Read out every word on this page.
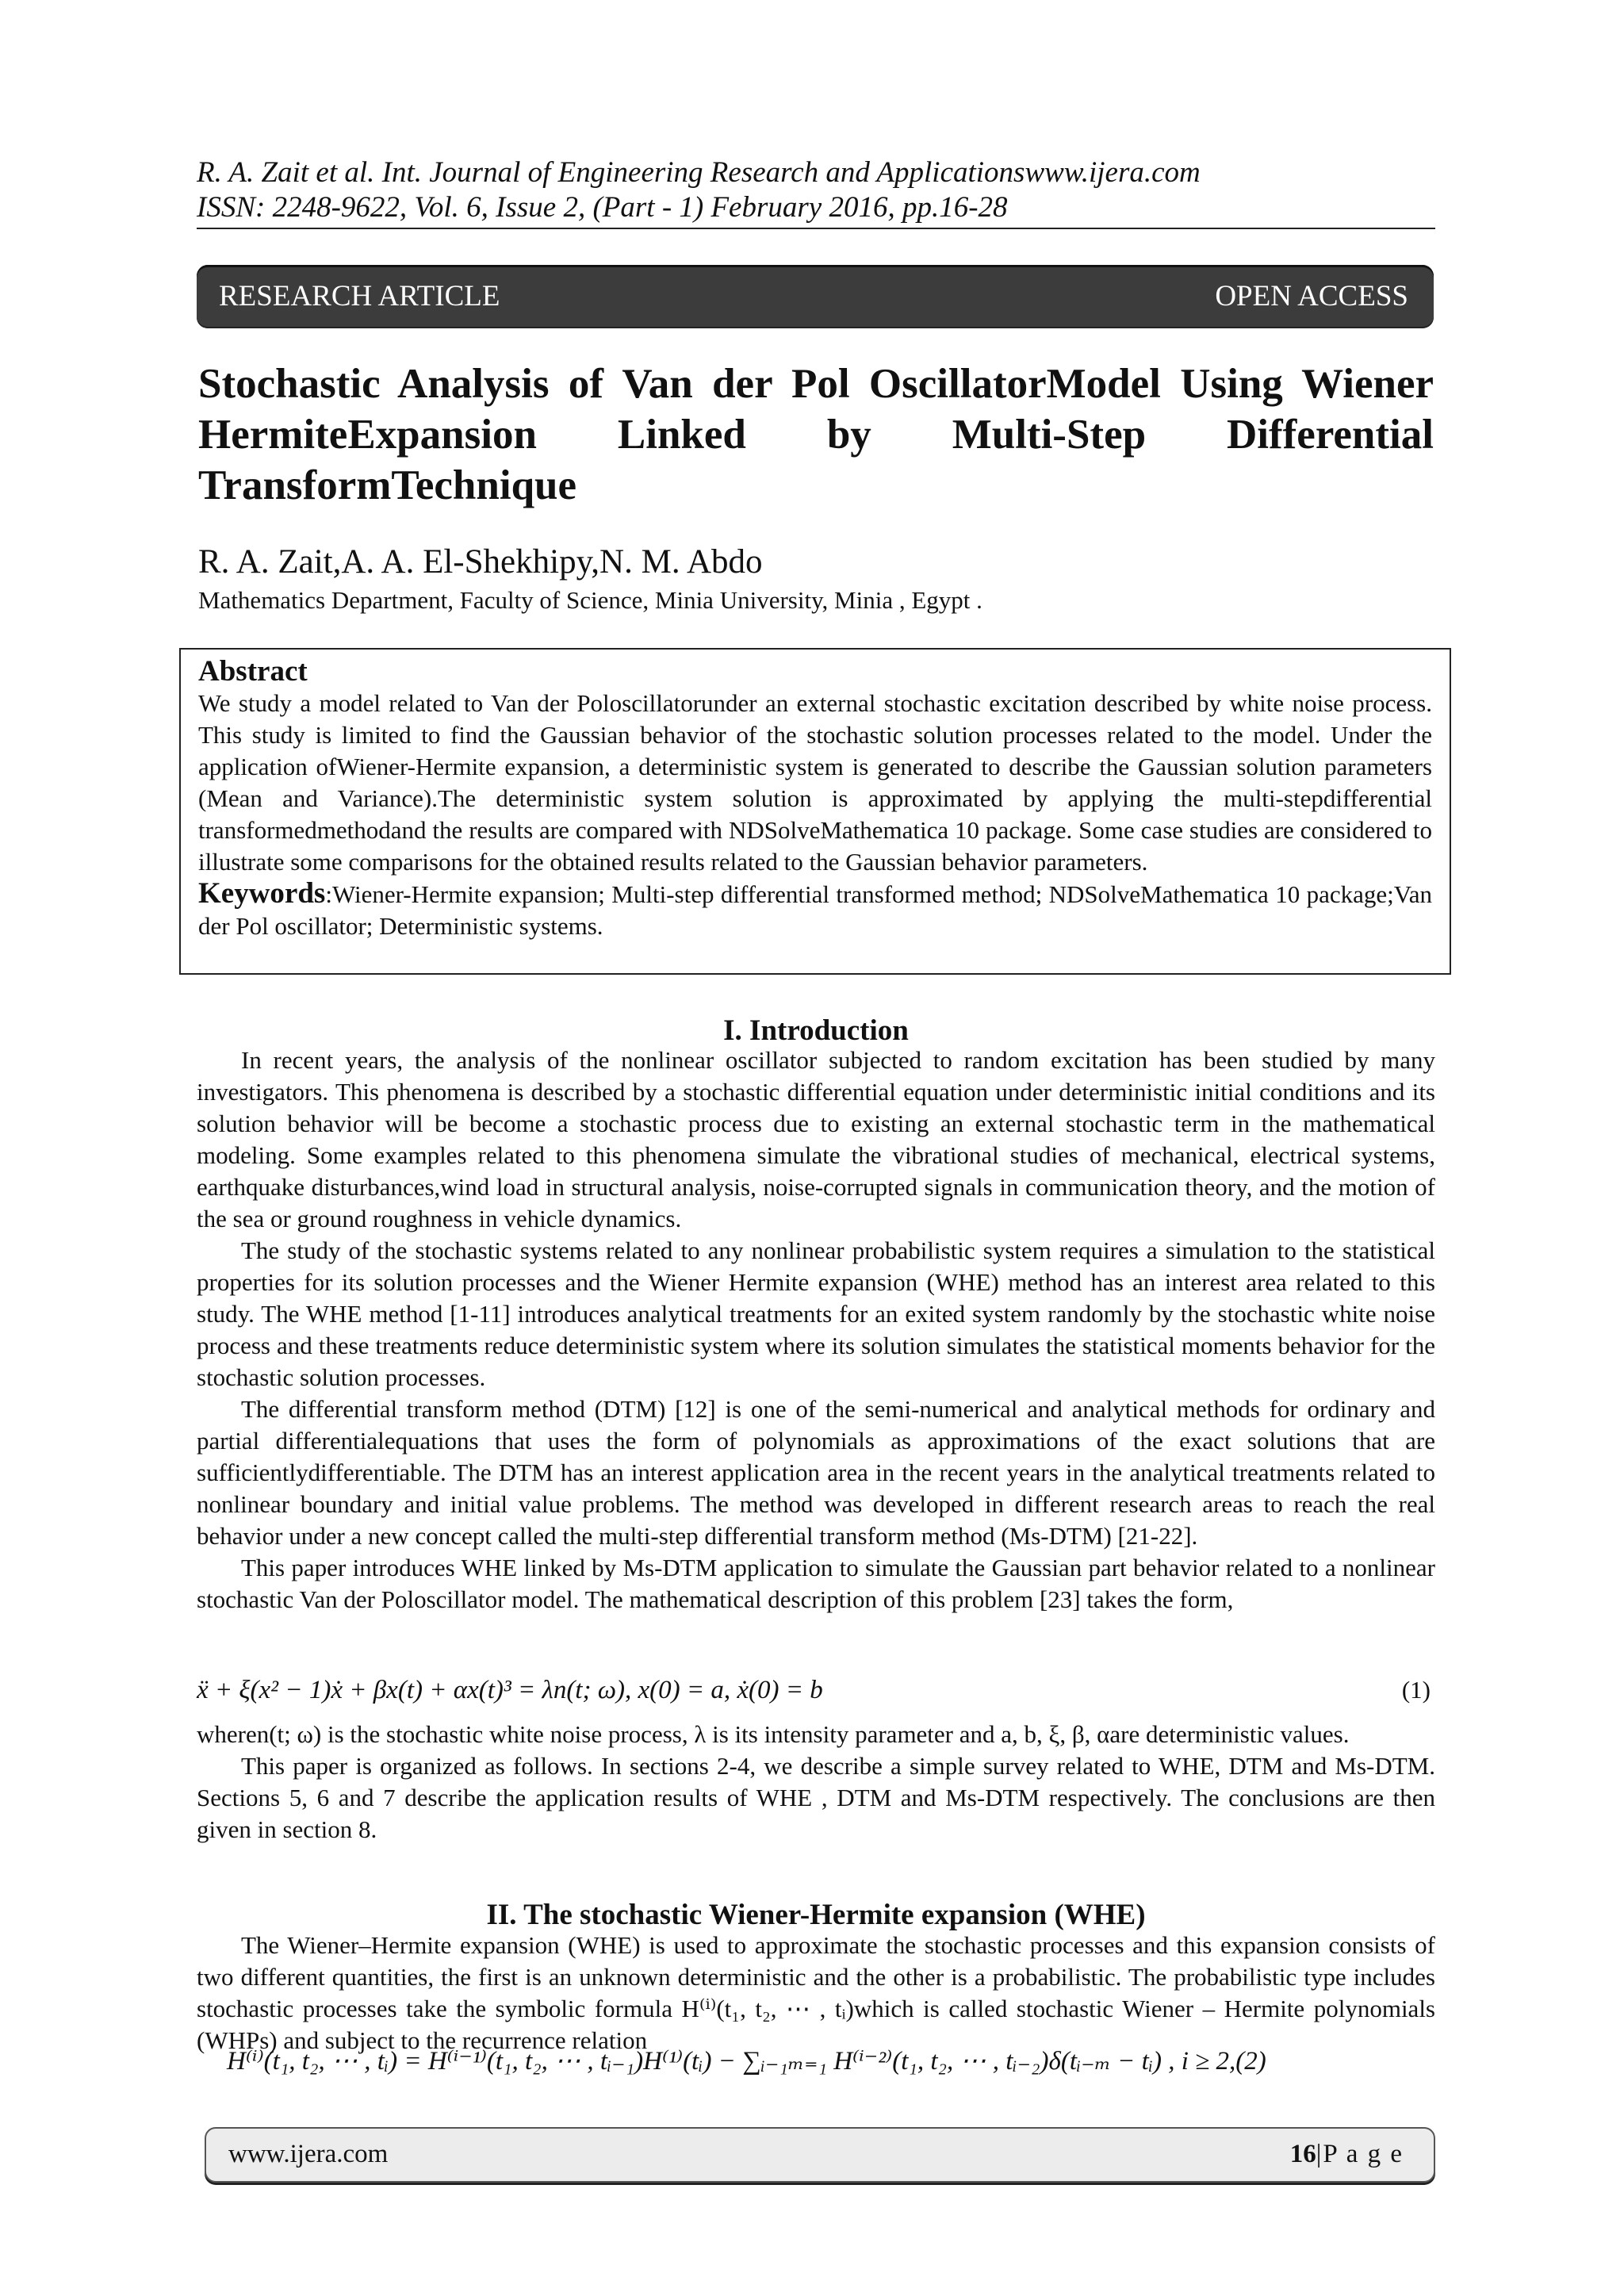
R. A. Zait et al. Int. Journal of Engineering Research and Applicationswww.ijera.com
ISSN: 2248-9622, Vol. 6, Issue 2, (Part - 1) February 2016, pp.16-28
RESEARCH ARTICLE	OPEN ACCESS
Stochastic Analysis of Van der Pol OscillatorModel Using Wiener HermiteExpansion Linked by Multi-Step Differential TransformTechnique
R. A. Zait,A. A. El-Shekhipy,N. M. Abdo
Mathematics Department, Faculty of Science, Minia University, Minia , Egypt .
Abstract
We study a model related to Van der Poloscillatorunder an external stochastic excitation described by white noise process. This study is limited to find the Gaussian behavior of the stochastic solution processes related to the model. Under the application ofWiener-Hermite expansion, a deterministic system is generated to describe the Gaussian solution parameters (Mean and Variance).The deterministic system solution is approximated by applying the multi-stepdifferential transformedmethodand the results are compared with NDSolveMathematica 10 package. Some case studies are considered to illustrate some comparisons for the obtained results related to the Gaussian behavior parameters.
Keywords:Wiener-Hermite expansion; Multi-step differential transformed method; NDSolveMathematica 10 package;Van der Pol oscillator; Deterministic systems.
I. Introduction

In recent years, the analysis of the nonlinear oscillator subjected to random excitation has been studied by many investigators. This phenomena is described by a stochastic differential equation under deterministic initial conditions and its solution behavior will be become a stochastic process due to existing an external stochastic term in the mathematical modeling. Some examples related to this phenomena simulate the vibrational studies of mechanical, electrical systems, earthquake disturbances,wind load in structural analysis, noise-corrupted signals in communication theory, and the motion of the sea or ground roughness in vehicle dynamics.

The study of the stochastic systems related to any nonlinear probabilistic system requires a simulation to the statistical properties for its solution processes and the Wiener Hermite expansion (WHE) method has an interest area related to this study. The WHE method [1-11] introduces analytical treatments for an exited system randomly by the stochastic white noise process and these treatments reduce deterministic system where its solution simulates the statistical moments behavior for the stochastic solution processes.

The differential transform method (DTM) [12] is one of the semi-numerical and analytical methods for ordinary and partial differentialequations that uses the form of polynomials as approximations of the exact solutions that are sufficientlydifferentiable. The DTM has an interest application area in the recent years in the analytical treatments related to nonlinear boundary and initial value problems. The method was developed in different research areas to reach the real behavior under a new concept called the multi-step differential transform method (Ms-DTM) [21-22].

This paper introduces WHE linked by Ms-DTM application to simulate the Gaussian part behavior related to a nonlinear stochastic Van der Poloscillator model. The mathematical description of this problem [23] takes the form,

ẍ + ξ(x² − 1)ẋ + βx(t) + αx(t)³ = λn(t; ω), x(0) = a, ẋ(0) = b	(1)
wheren(t; ω) is the stochastic white noise process, λ is its intensity parameter and a, b, ξ, β, αare deterministic values.

This paper is organized as follows. In sections 2-4, we describe a simple survey related to WHE, DTM and Ms-DTM. Sections 5, 6 and 7 describe the application results of WHE , DTM and Ms-DTM respectively. The conclusions are then given in section 8.

II. The stochastic Wiener-Hermite expansion (WHE)

The Wiener–Hermite expansion (WHE) is used to approximate the stochastic processes and this expansion consists of two different quantities, the first is an unknown deterministic and the other is a probabilistic. The probabilistic type includes stochastic processes take the symbolic formula H⁽ⁱ⁾(t₁, t₂, ⋯ , tᵢ)which is called stochastic Wiener – Hermite polynomials (WHPs) and subject to the recurrence relation

H⁽ⁱ⁾(t₁, t₂, ⋯ , tᵢ) = H⁽ⁱ⁻¹⁾(t₁, t₂, ⋯ , tᵢ₋₁)H⁽¹⁾(tᵢ) − ∑ᵢ₋₁ₘ₌₁ H⁽ⁱ⁻²⁾(t₁, t₂, ⋯ , tᵢ₋₂)δ(tᵢ₋ₘ − tᵢ) , i ≥ 2,(2)
www.ijera.com	16|P a g e
